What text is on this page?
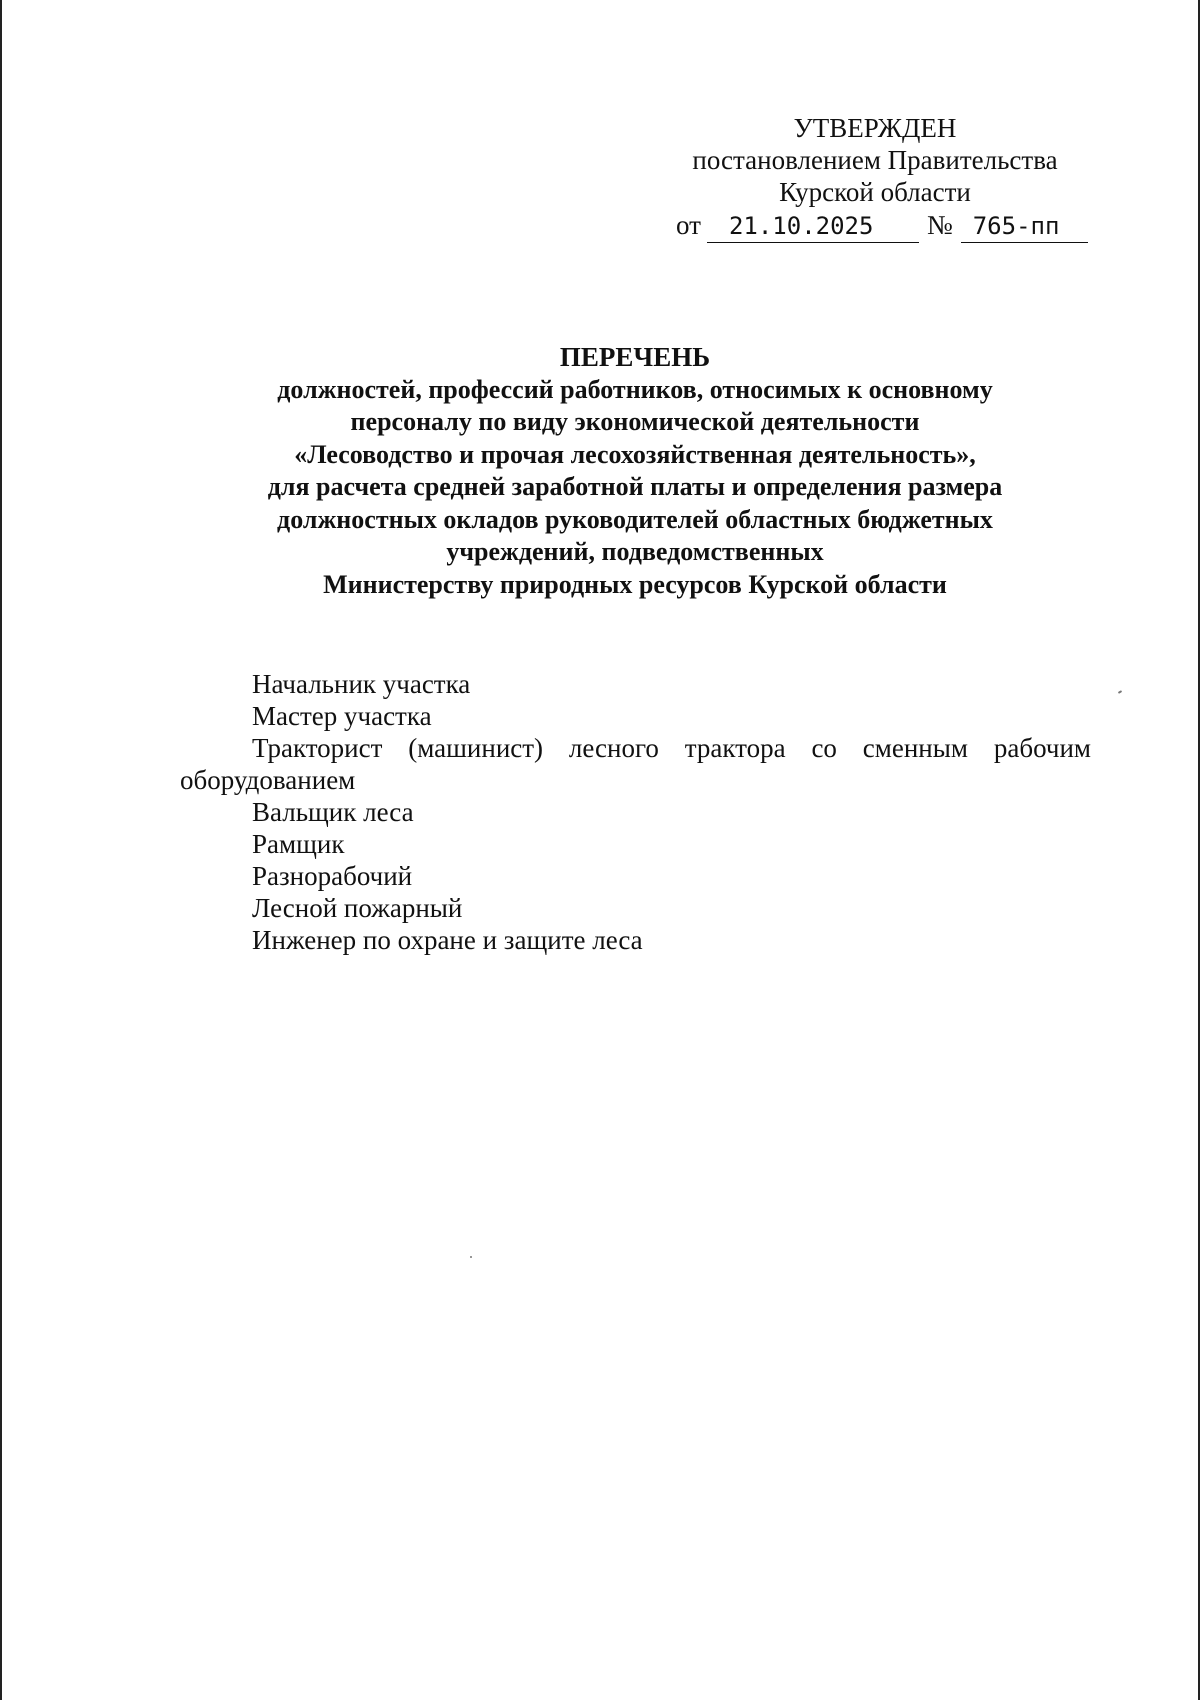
УТВЕРЖДЕН
постановлением Правительства
Курской области
от 21.10.2025 № 765-пп
ПЕРЕЧЕНЬ
должностей, профессий работников, относимых к основному
персоналу по виду экономической деятельности
«Лесоводство и прочая лесохозяйственная деятельность»,
для расчета средней заработной платы и определения размера
должностных окладов руководителей областных бюджетных
учреждений, подведомственных
Министерству природных ресурсов Курской области
Начальник участка
Мастер участка
Тракторист (машинист) лесного трактора со сменным рабочим
оборудованием
Вальщик леса
Рамщик
Разнорабочий
Лесной пожарный
Инженер по охране и защите леса
